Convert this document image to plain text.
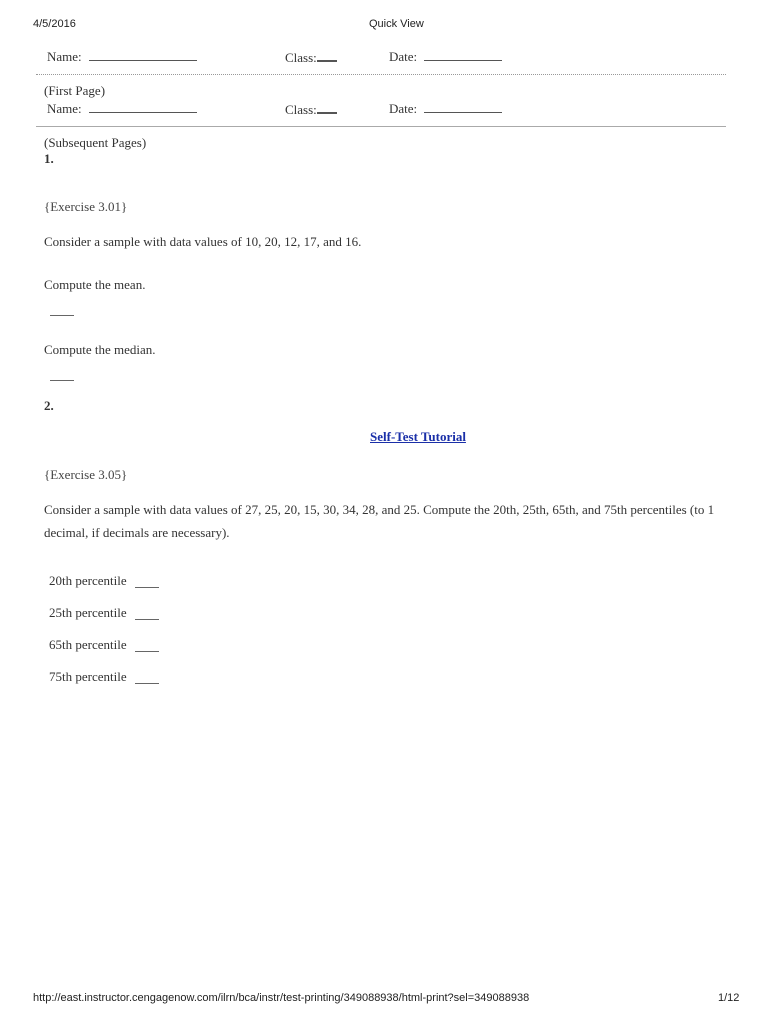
4/5/2016	Quick View
Name:	Class:	Date:
(First Page)
Name:	Class:	Date:
(Subsequent Pages)
1.
{Exercise 3.01}
Consider a sample with data values of 10, 20, 12, 17, and 16.
Compute the mean.
Compute the median.
2.
Self-Test Tutorial
{Exercise 3.05}
Consider a sample with data values of 27, 25, 20, 15, 30, 34, 28, and 25. Compute the 20th, 25th, 65th, and 75th percentiles (to 1 decimal, if decimals are necessary).
20th percentile
25th percentile
65th percentile
75th percentile
http://east.instructor.cengagenow.com/ilrn/bca/instr/test-printing/349088938/html-print?sel=349088938	1/12
